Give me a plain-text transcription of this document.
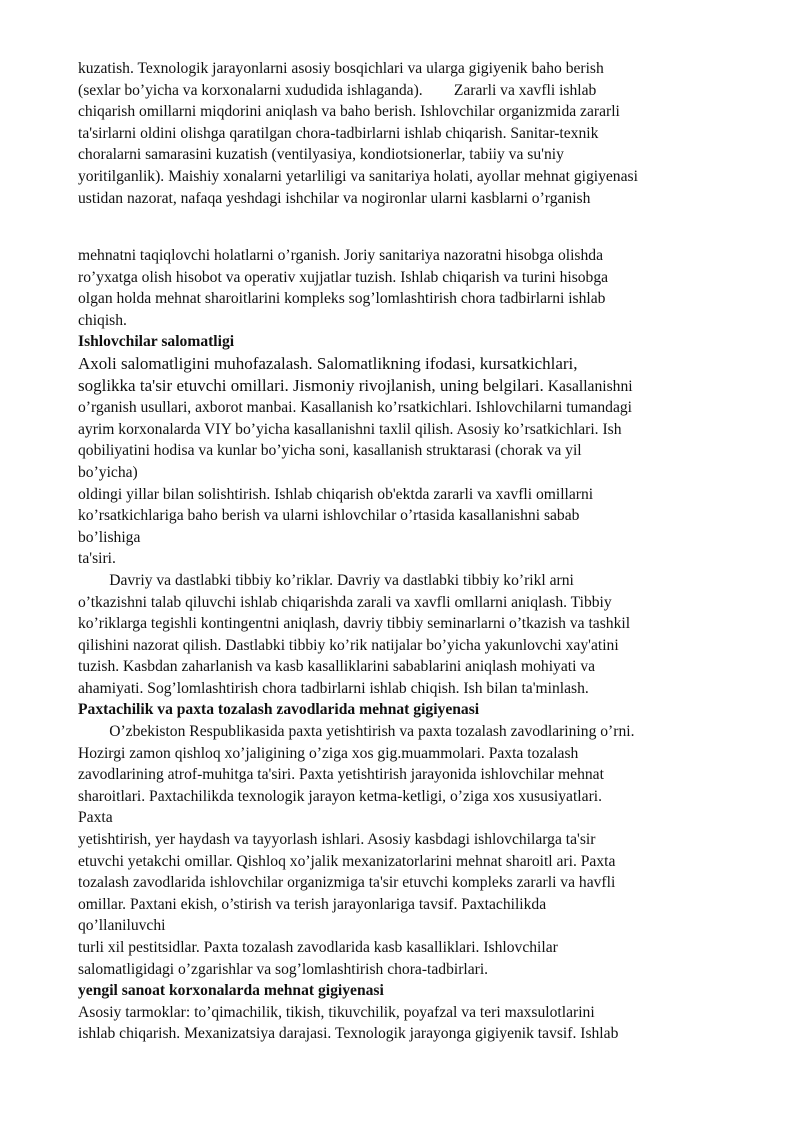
kuzatish. Texnologik jarayonlarni asosiy bosqichlari va ularga gigiyenik baho berish
(sexlar bo’yicha va korxonalarni xududida ishlaganda).        Zararli va xavfli ishlab
chiqarish omillarni miqdorini aniqlash va baho berish. Ishlovchilar organizmida zararli
ta'sirlarni oldini olishga qaratilgan chora-tadbirlarni ishlab chiqarish. Sanitar-texnik
choralarni samarasini kuzatish (ventilyasiya, kondiotsionerlar, tabiiy va su'niy
yoritilganlik). Maishiy xonalarni yetarliligi va sanitariya holati, ayollar mehnat gigiyenasi
ustidan nazorat, nafaqa yeshdagi ishchilar va nogironlar ularni kasblarni o’rganish
mehnatni taqiqlovchi holatlarni o’rganish. Joriy sanitariya nazoratni hisobga olishda
ro’yxatga olish hisobot va operativ xujjatlar tuzish. Ishlab chiqarish va turini hisobga
olgan holda mehnat sharoitlarini kompleks sog’lomlashtirish chora tadbirlarni ishlab
chiqish.
Ishlovchilar salomatligi
Axoli salomatligini muhofazalash. Salomatlikning ifodasi, kursatkichlari,
soglikka ta'sir etuvchi omillari. Jismoniy rivojlanish, uning belgilari. Kasallanishni
o’rganish usullari, axborot manbai. Kasallanish ko’rsatkichlari. Ishlovchilarni tumandagi
ayrim korxonalarda VIY bo’yicha kasallanishni taxlil qilish. Asosiy ko’rsatkichlari. Ish
qobiliyatini hodisa va kunlar bo’yicha soni, kasallanish struktarasi (chorak va yil
bo’yicha)
oldingi yillar bilan solishtirish. Ishlab chiqarish ob'ektda zararli va xavfli omillarni
ko’rsatkichlariga baho berish va ularni ishlovchilar o’rtasida kasallanishni sabab
bo’lishiga
ta'siri.
Davriy va dastlabki tibbiy ko’riklar. Davriy va dastlabki tibbiy ko’rikl arni
o’tkazishni talab qiluvchi ishlab chiqarishda zarali va xavfli omllarni aniqlash. Tibbiy
ko’riklarga tegishli kontingentni aniqlash, davriy tibbiy seminarlarni o’tkazish va tashkil
qilishini nazorat qilish. Dastlabki tibbiy ko’rik natijalar bo’yicha yakunlovchi xay'atini
tuzish. Kasbdan zaharlanish va kasb kasalliklarini sabablarini aniqlash mohiyati va
ahamiyati. Sog’lomlashtirish chora tadbirlarni ishlab chiqish. Ish bilan ta'minlash.
Paxtachilik va paxta tozalash zavodlarida mehnat gigiyenasi
O’zbekiston Respublikasida paxta yetishtirish va paxta tozalash zavodlarining o’rni.
Hozirgi zamon qishloq xo’jaligining o’ziga xos gig.muammolari. Paxta tozalash
zavodlarining atrof-muhitga ta'siri. Paxta yetishtirish jarayonida ishlovchilar mehnat
sharoitlari. Paxtachilikda texnologik jarayon ketma-ketligi, o’ziga xos xususiyatlari.
Paxta
yetishtirish, yer haydash va tayyorlash ishlari. Asosiy kasbdagi ishlovchilarga ta'sir
etuvchi yetakchi omillar. Qishloq xo’jalik mexanizatorlarini mehnat sharoitl ari. Paxta
tozalash zavodlarida ishlovchilar organizmiga ta'sir etuvchi kompleks zararli va havfli
omillar. Paxtani ekish, o’stirish va terish jarayonlariga tavsif. Paxtachilikda
qo’llaniluvchi
turli xil pestitsidlar. Paxta tozalash zavodlarida kasb kasalliklari. Ishlovchilar
salomatligidagi o’zgarishlar va sog’lomlashtirish chora-tadbirlari.
yengil sanoat korxonalarda mehnat gigiyenasi
Asosiy tarmoklar: to’qimachilik, tikish, tikuvchilik, poyafzal va teri maxsulotlarini
ishlab chiqarish. Mexanizatsiya darajasi. Texnologik jarayonga gigiyenik tavsif. Ishlab
